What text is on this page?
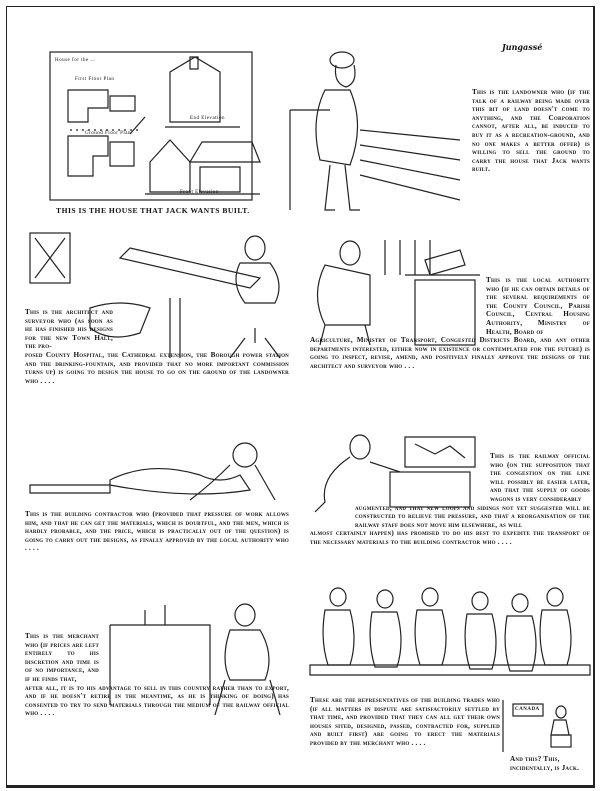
House for the ...
First Floor Plan
Ground Floor Plan
End Elevation
Front Elevation
THIS IS THE HOUSE THAT JACK WANTS BUILT.
Jungassé
This is the landowner who (if the talk of a railway being made over this bit of land doesn't come to anything, and the Corporation cannot, after all, be induced to buy it as a recreation-ground, and no one makes a better offer) is willing to sell the ground to carry the house that Jack wants built.
This is the architect and surveyor who (as soon as he has finished his designs for the new Town Hall, the pro-
posed County Hospital, the Cathedral extension, the Borough power station and the drinking-fountain, and provided that no more important commission turns up) is going to design the house to go on the ground of the landowner who . . . .
This is the local authority who (if he can obtain details of the several requirements of the County Council, Parish Council, Central Housing Authority, Ministry of Health, Board of
Agriculture, Ministry of Transport, Congested Districts Board, and any other departments interested, either now in existence or contemplated for the future) is going to inspect, revise, amend, and positively finally approve the designs of the architect and surveyor who . . .
This is the building contractor who (provided that pressure of work allows him, and that he can get the materials, which is doubtful, and the men, which is hardly probable, and the price, which is practically out of the question) is going to carry out the designs, as finally approved by the local authority who . . . .
This is the railway official who (on the supposition that the congestion on the line will possibly be easier later, and that the supply of goods wagons is very considerably
augmented, and that new loops and sidings not yet suggested will be constructed to relieve the pressure, and that a reorganisation of the railway staff does not move him elsewhere, as will
almost certainly happen) has promised to do his best to expedite the transport of the necessary materials to the building contractor who . . . .
This is the merchant who (if prices are left entirely to his discretion and time is of no importance, and if he finds that,
after all, it is to his advantage to sell in this country rather than to export, and if he doesn't retire in the meantime, as he is thinking of doing) has consented to try to send materials through the medium of the railway official who . . . .
These are the representatives of the building trades who (if all matters in dispute are satisfactorily settled by that time, and provided that they can all get their own houses sited, designed, passed, contracted for, supplied and built first) are going to erect the materials provided by the merchant who . . . .
CANADA
And this? This, incidentally, is Jack.
